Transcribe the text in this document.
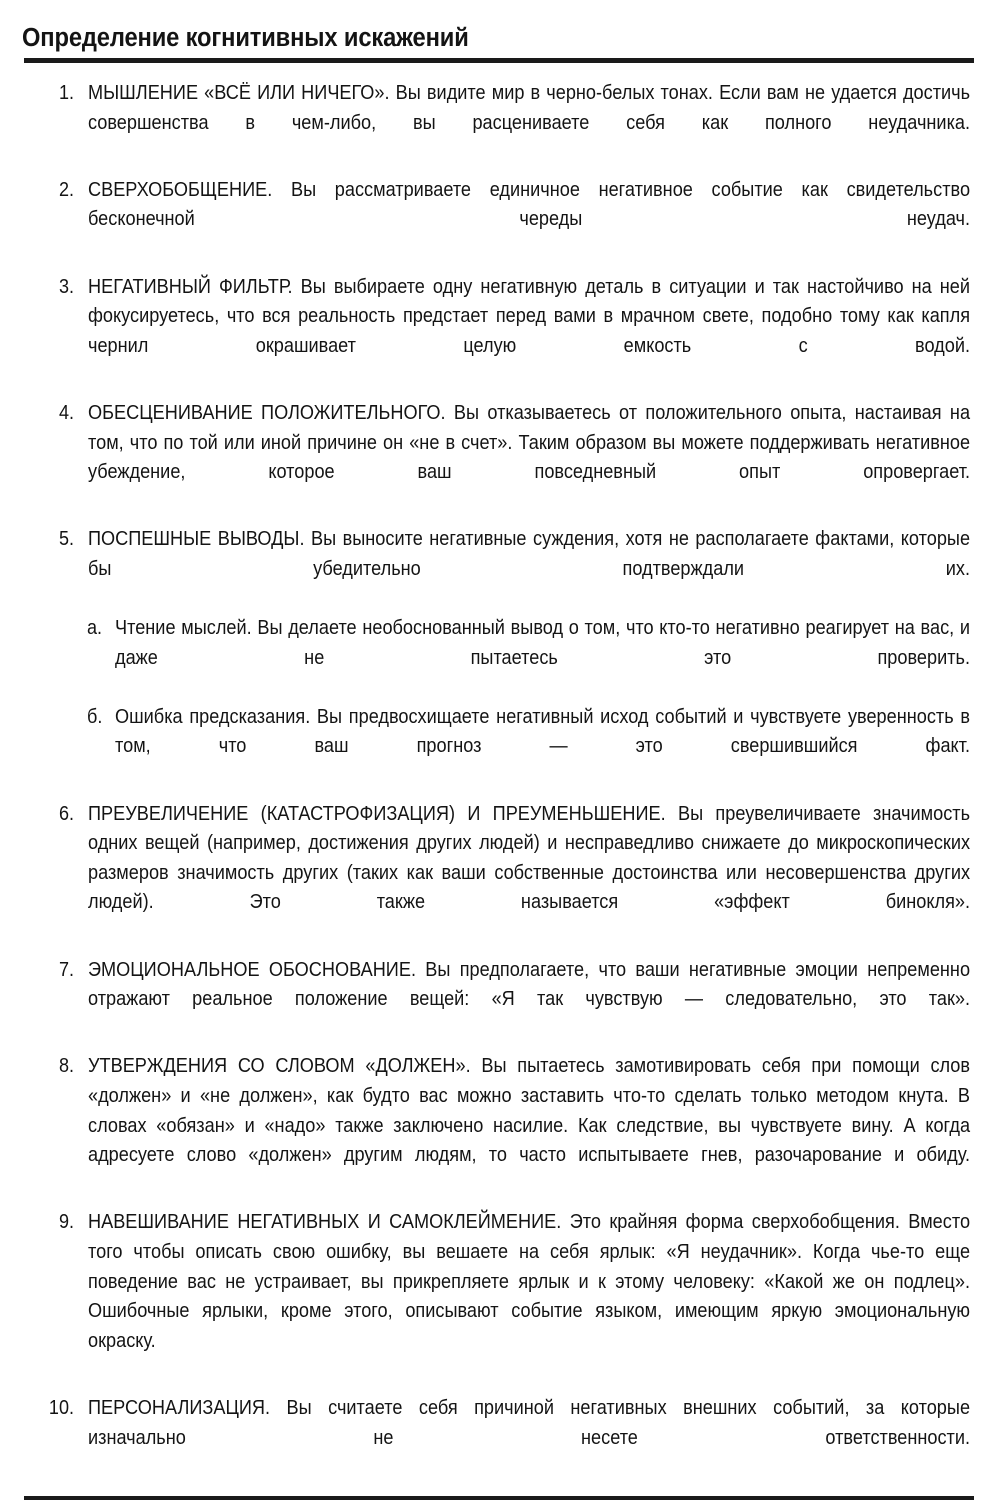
Определение когнитивных искажений
1. МЫШЛЕНИЕ «ВСЁ ИЛИ НИЧЕГО». Вы видите мир в черно-белых тонах. Если вам не удается достичь совершенства в чем-либо, вы расцениваете себя как полного неудачника.
2. СВЕРХОБОБЩЕНИЕ. Вы рассматриваете единичное негативное событие как свидетельство бесконечной череды неудач.
3. НЕГАТИВНЫЙ ФИЛЬТР. Вы выбираете одну негативную деталь в ситуации и так настойчиво на ней фокусируетесь, что вся реальность предстает перед вами в мрачном свете, подобно тому как капля чернил окрашивает целую емкость с водой.
4. ОБЕСЦЕНИВАНИЕ ПОЛОЖИТЕЛЬНОГО. Вы отказываетесь от положительного опыта, настаивая на том, что по той или иной причине он «не в счет». Таким образом вы можете поддерживать негативное убеждение, которое ваш повседневный опыт опровергает.
5. ПОСПЕШНЫЕ ВЫВОДЫ. Вы выносите негативные суждения, хотя не располагаете фактами, которые бы убедительно подтверждали их.
а. Чтение мыслей. Вы делаете необоснованный вывод о том, что кто-то негативно реагирует на вас, и даже не пытаетесь это проверить.
б. Ошибка предсказания. Вы предвосхищаете негативный исход событий и чувствуете уверенность в том, что ваш прогноз — это свершившийся факт.
6. ПРЕУВЕЛИЧЕНИЕ (КАТАСТРОФИЗАЦИЯ) И ПРЕУМЕНЬШЕНИЕ. Вы преувеличиваете значимость одних вещей (например, достижения других людей) и несправедливо снижаете до микроскопических размеров значимость других (таких как ваши собственные достоинства или несовершенства других людей). Это также называется «эффект бинокля».
7. ЭМОЦИОНАЛЬНОЕ ОБОСНОВАНИЕ. Вы предполагаете, что ваши негативные эмоции непременно отражают реальное положение вещей: «Я так чувствую — следовательно, это так».
8. УТВЕРЖДЕНИЯ СО СЛОВОМ «ДОЛЖЕН». Вы пытаетесь замотивировать себя при помощи слов «должен» и «не должен», как будто вас можно заставить что-то сделать только методом кнута. В словах «обязан» и «надо» также заключено насилие. Как следствие, вы чувствуете вину. А когда адресуете слово «должен» другим людям, то часто испытываете гнев, разочарование и обиду.
9. НАВЕШИВАНИЕ НЕГАТИВНЫХ И САМОКЛЕЙМЕНИЕ. Это крайняя форма сверхобобщения. Вместо того чтобы описать свою ошибку, вы вешаете на себя ярлык: «Я неудачник». Когда чье-то еще поведение вас не устраивает, вы прикрепляете ярлык и к этому человеку: «Какой же он подлец». Ошибочные ярлыки, кроме этого, описывают событие языком, имеющим яркую эмоциональную окраску.
10. ПЕРСОНАЛИЗАЦИЯ. Вы считаете себя причиной негативных внешних событий, за которые изначально не несете ответственности.
